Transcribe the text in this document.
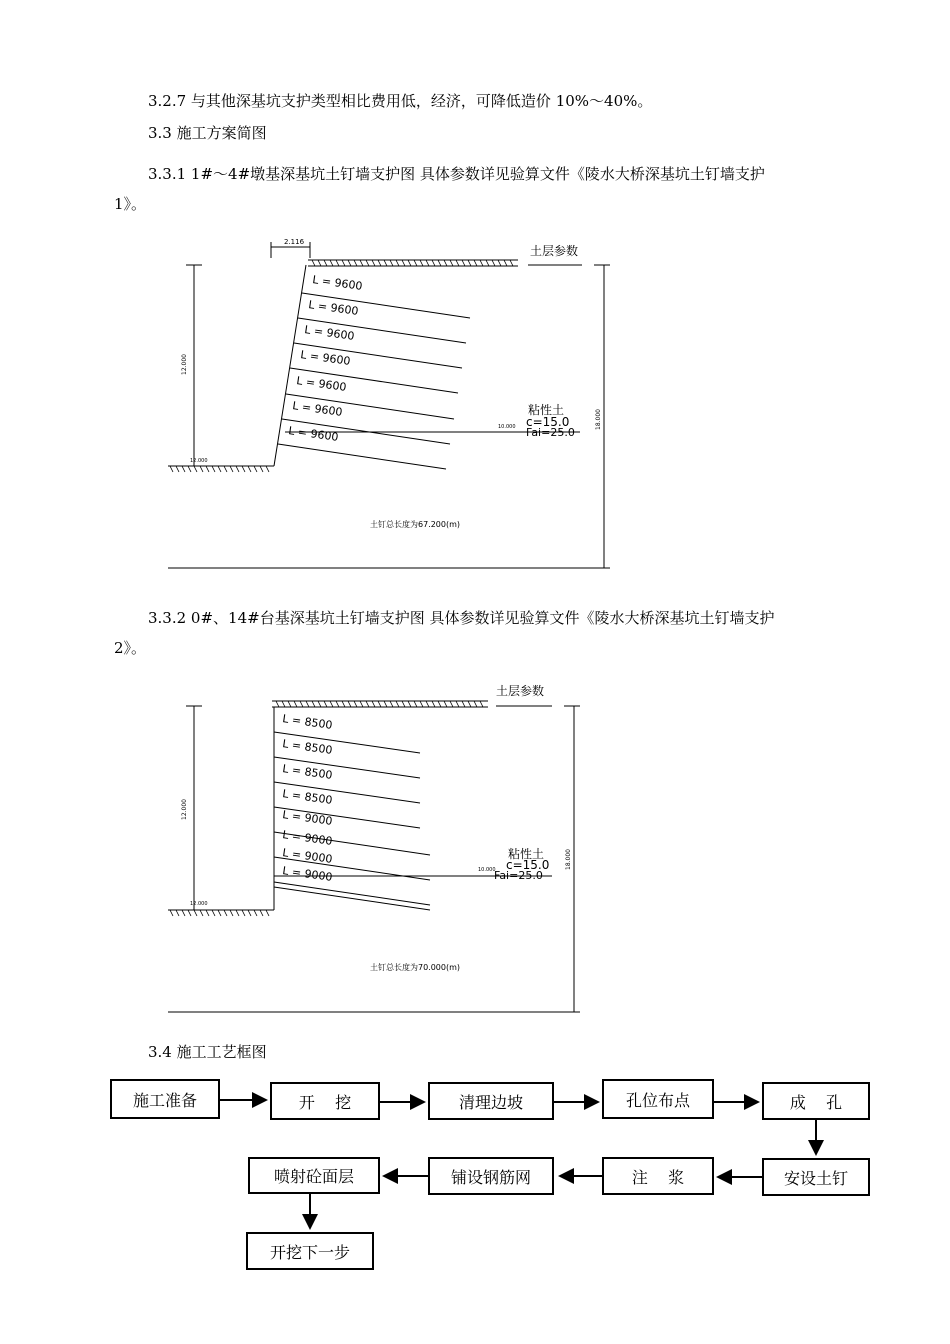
3.2.7 与其他深基坑支护类型相比费用低，经济，可降低造价 10%～40%。
3.3 施工方案简图
3.3.1 1#～4#墩基深基坑土钉墙支护图 具体参数详见验算文件《陵水大桥深基坑土钉墙支护
1》。
2.116
土层参数
12.000
18.000
12.000
10.000
粘性土
c=15.0
Fai=25.0
土钉总长度为67.200(m)
L = 9600
L = 9600
L = 9600
L = 9600
L = 9600
L = 9600
L = 9600
土层参数
12.000
18.000
12.000
10.000
粘性土
c=15.0
Fai=25.0
土钉总长度为70.000(m)
L = 8500
L = 8500
L = 8500
L = 8500
L = 9000
L = 9000
L = 9000
L = 9000
3.3.2 0#、14#台基深基坑土钉墙支护图 具体参数详见验算文件《陵水大桥深基坑土钉墙支护
2》。
3.4 施工工艺框图
施工准备	开    挖	清理边坡	孔位布点	成    孔
安设土钉
注    浆
铺设钢筋网
喷射砼面层
开挖下一步
